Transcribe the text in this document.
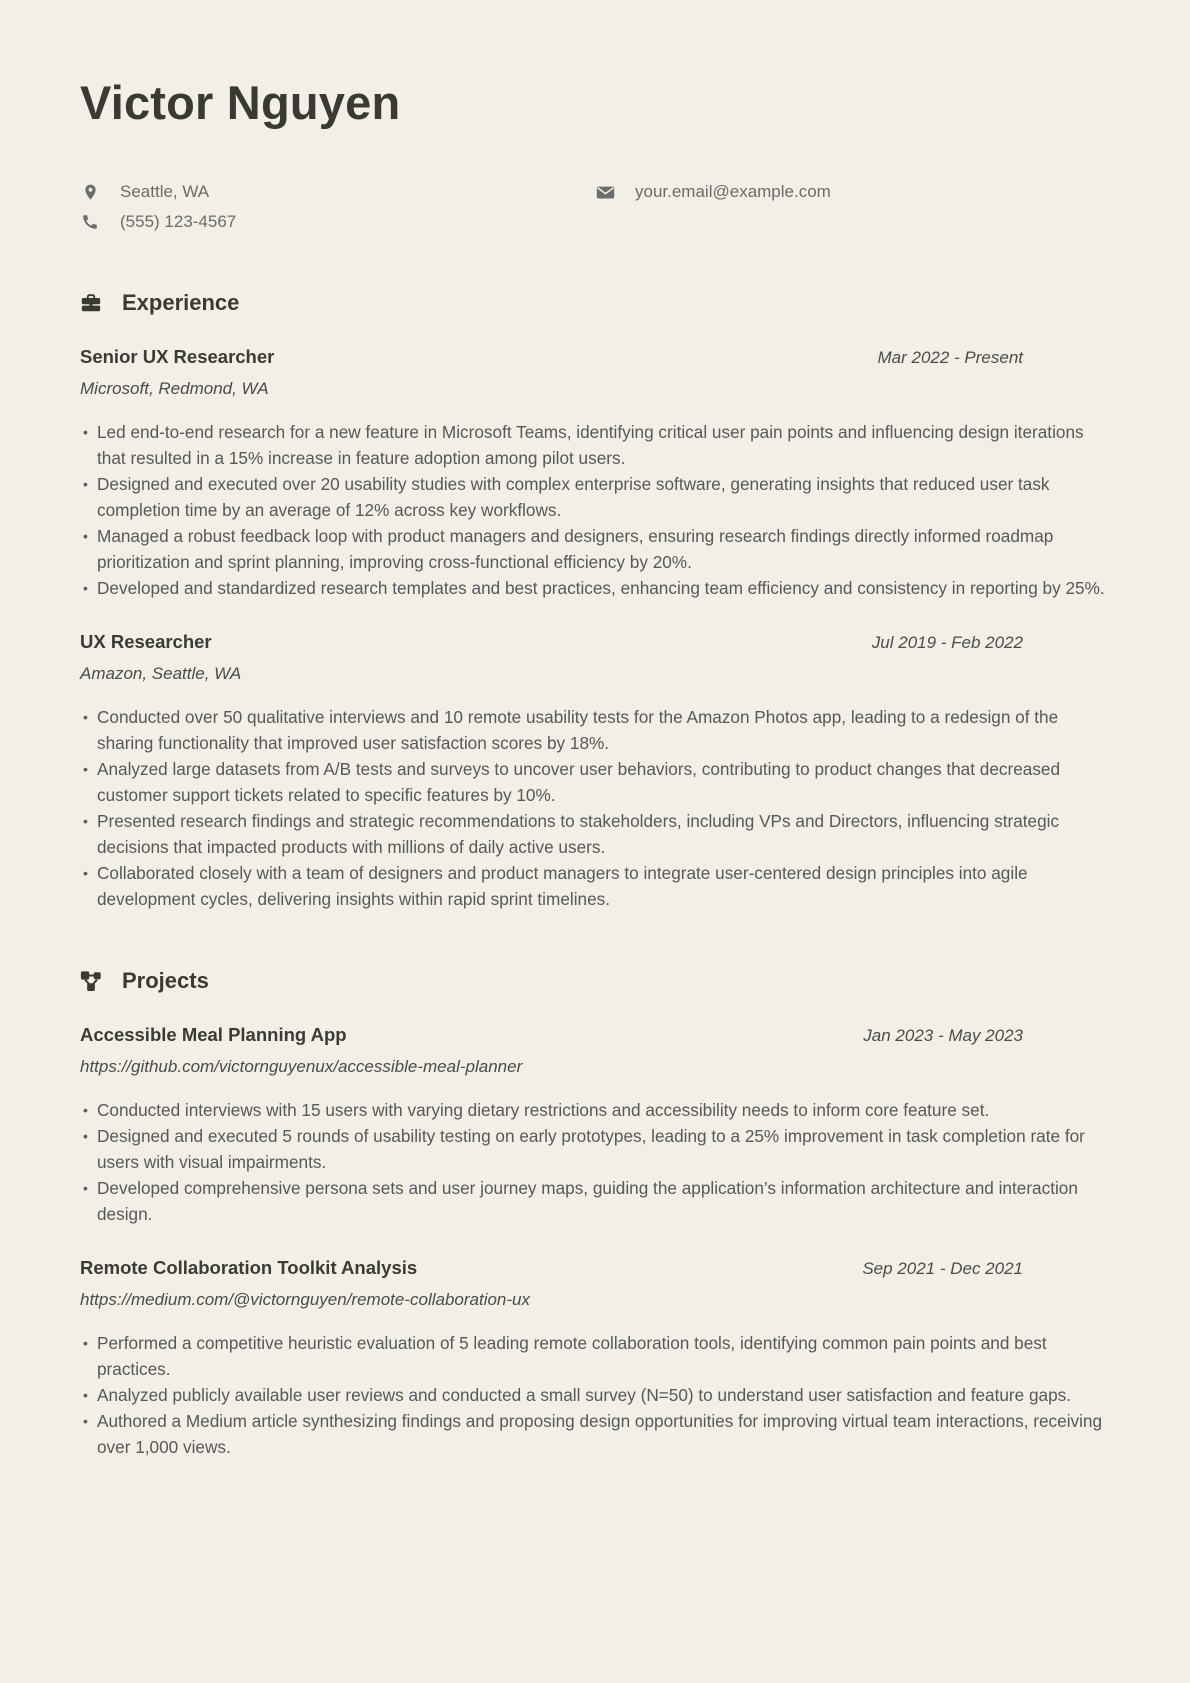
Victor Nguyen
Seattle, WA	your.email@example.com
(555) 123-4567
Experience
Senior UX Researcher	Mar 2022 - Present
Microsoft, Redmond, WA
• Led end-to-end research for a new feature in Microsoft Teams, identifying critical user pain points and influencing design iterations that resulted in a 15% increase in feature adoption among pilot users.
• Designed and executed over 20 usability studies with complex enterprise software, generating insights that reduced user task completion time by an average of 12% across key workflows.
• Managed a robust feedback loop with product managers and designers, ensuring research findings directly informed roadmap prioritization and sprint planning, improving cross-functional efficiency by 20%.
• Developed and standardized research templates and best practices, enhancing team efficiency and consistency in reporting by 25%.
UX Researcher	Jul 2019 - Feb 2022
Amazon, Seattle, WA
• Conducted over 50 qualitative interviews and 10 remote usability tests for the Amazon Photos app, leading to a redesign of the sharing functionality that improved user satisfaction scores by 18%.
• Analyzed large datasets from A/B tests and surveys to uncover user behaviors, contributing to product changes that decreased customer support tickets related to specific features by 10%.
• Presented research findings and strategic recommendations to stakeholders, including VPs and Directors, influencing strategic decisions that impacted products with millions of daily active users.
• Collaborated closely with a team of designers and product managers to integrate user-centered design principles into agile development cycles, delivering insights within rapid sprint timelines.
Projects
Accessible Meal Planning App	Jan 2023 - May 2023
https://github.com/victornguyenux/accessible-meal-planner
• Conducted interviews with 15 users with varying dietary restrictions and accessibility needs to inform core feature set.
• Designed and executed 5 rounds of usability testing on early prototypes, leading to a 25% improvement in task completion rate for users with visual impairments.
• Developed comprehensive persona sets and user journey maps, guiding the application’s information architecture and interaction design.
Remote Collaboration Toolkit Analysis	Sep 2021 - Dec 2021
https://medium.com/@victornguyen/remote-collaboration-ux
• Performed a competitive heuristic evaluation of 5 leading remote collaboration tools, identifying common pain points and best practices.
• Analyzed publicly available user reviews and conducted a small survey (N=50) to understand user satisfaction and feature gaps.
• Authored a Medium article synthesizing findings and proposing design opportunities for improving virtual team interactions, receiving over 1,000 views.
